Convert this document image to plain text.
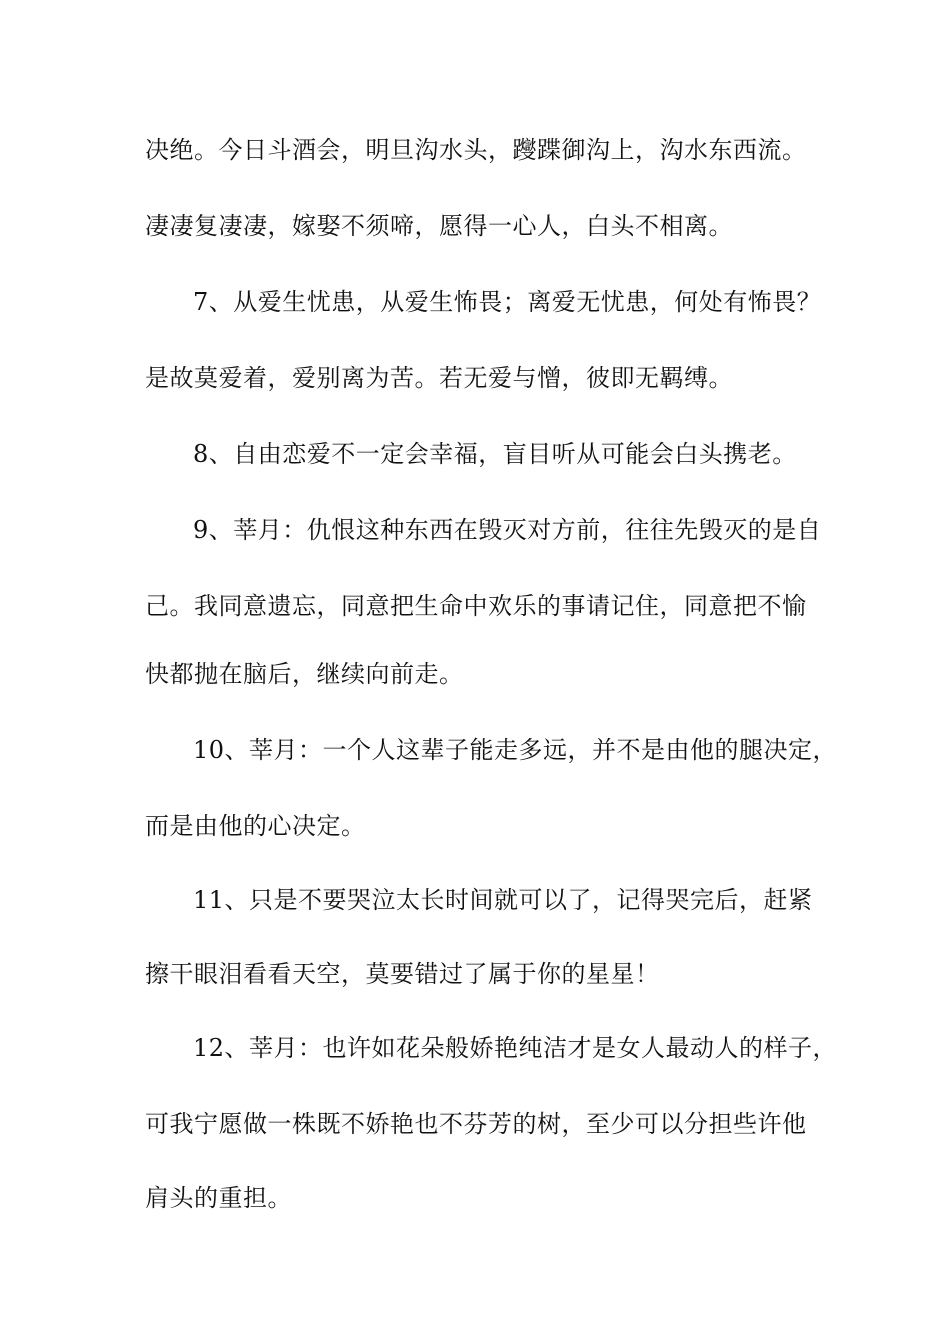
决绝。今日斗酒会，明旦沟水头，躞蹀御沟上，沟水东西流。
凄凄复凄凄，嫁娶不须啼，愿得一心人，白头不相离。
7、从爱生忧患，从爱生怖畏；离爱无忧患，何处有怖畏？
是故莫爱着，爱别离为苦。若无爱与憎，彼即无羁缚。
8、自由恋爱不一定会幸福，盲目听从可能会白头携老。
9、莘月：仇恨这种东西在毁灭对方前，往往先毁灭的是自
己。我同意遗忘，同意把生命中欢乐的事请记住，同意把不愉
快都抛在脑后，继续向前走。
10、莘月：一个人这辈子能走多远，并不是由他的腿决定，
而是由他的心决定。
11、只是不要哭泣太长时间就可以了，记得哭完后，赶紧
擦干眼泪看看天空，莫要错过了属于你的星星！
12、莘月：也许如花朵般娇艳纯洁才是女人最动人的样子，
可我宁愿做一株既不娇艳也不芬芳的树，至少可以分担些许他
肩头的重担。
